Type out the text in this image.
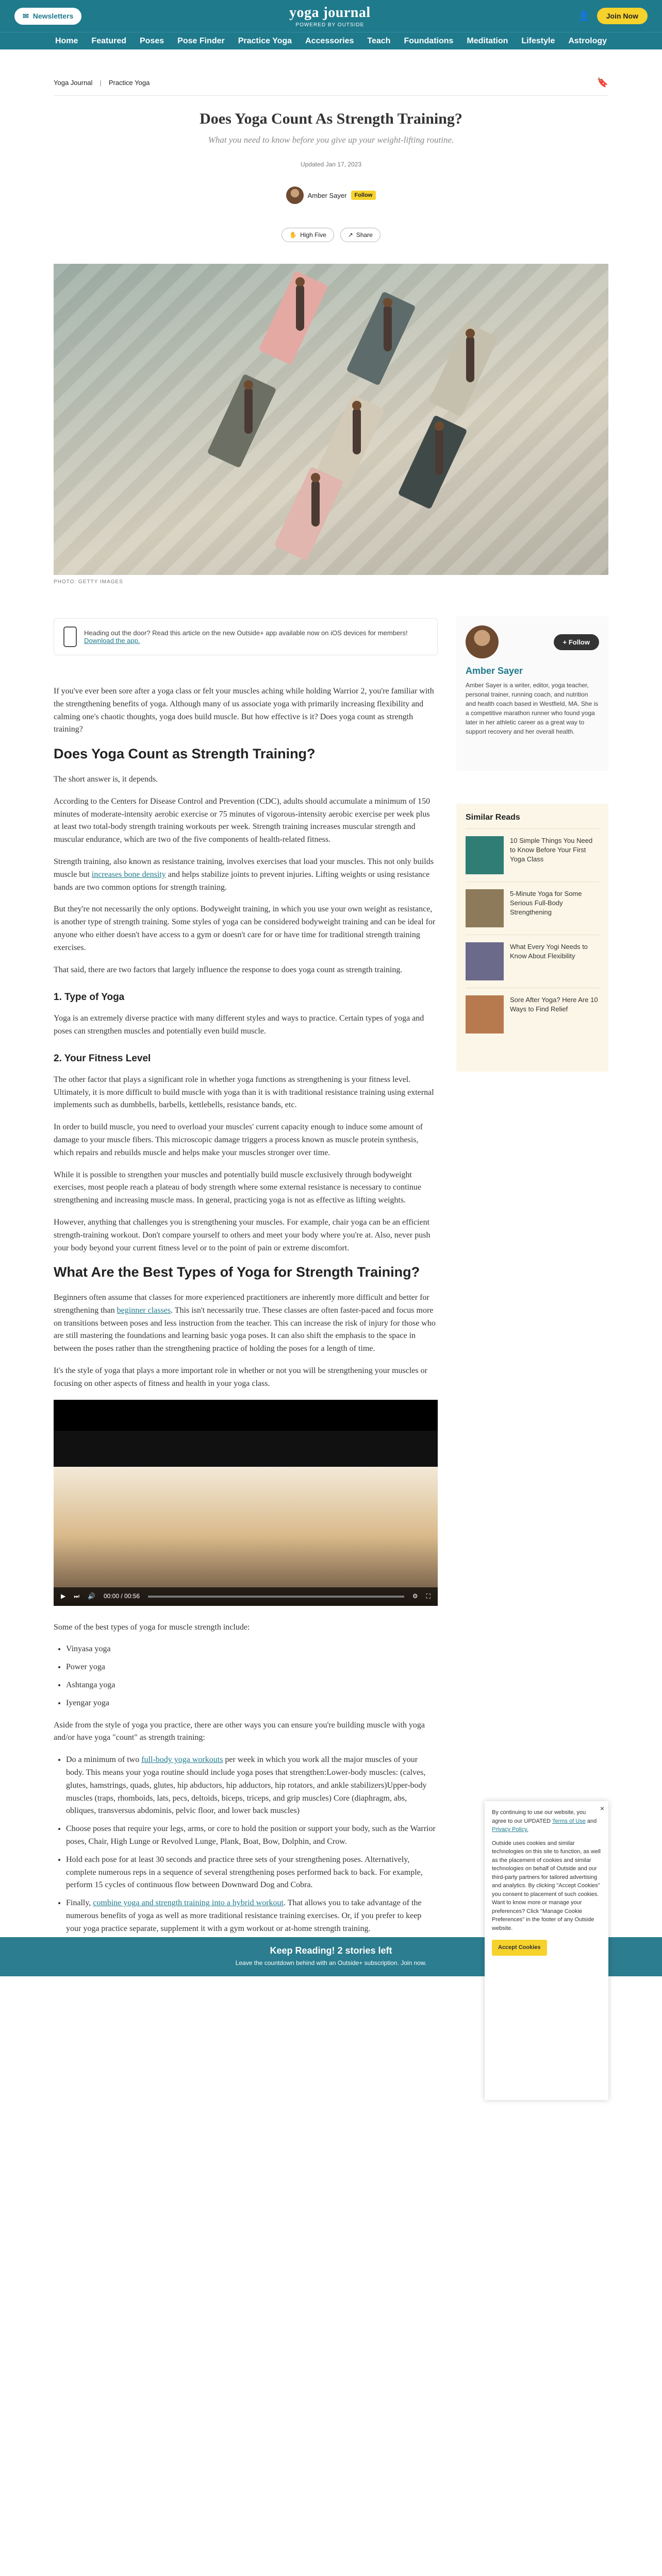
✉ Newsletters	yoga journal
POWERED BY OUTSIDE
👤	Join Now
Home Featured Poses Pose Finder Practice Yoga Accessories Teach Foundations Meditation Lifestyle Astrology
Yoga Journal | Practice Yoga	🔖
Does Yoga Count As Strength Training?
What you need to know before you give up your weight-lifting routine.
Updated Jan 17, 2023
Amber Sayer	Follow
✋ High Five	↗ Share
PHOTO: GETTY IMAGES
Heading out the door? Read this article on the new Outside+ app available now on iOS devices for members! Download the app.

If you've ever been sore after a yoga class or felt your muscles aching while holding Warrior 2, you're familiar with the strengthening benefits of yoga. Although many of us associate yoga with primarily increasing flexibility and calming one's chaotic thoughts, yoga does build muscle. But how effective is it? Does yoga count as strength training?

Does Yoga Count as Strength Training?

The short answer is, it depends.

According to the Centers for Disease Control and Prevention (CDC), adults should accumulate a minimum of 150 minutes of moderate-intensity aerobic exercise or 75 minutes of vigorous-intensity aerobic exercise per week plus at least two total-body strength training workouts per week. Strength training increases muscular strength and muscular endurance, which are two of the five components of health-related fitness.

Strength training, also known as resistance training, involves exercises that load your muscles. This not only builds muscle but increases bone density and helps stabilize joints to prevent injuries. Lifting weights or using resistance bands are two common options for strength training.

But they're not necessarily the only options. Bodyweight training, in which you use your own weight as resistance, is another type of strength training. Some styles of yoga can be considered bodyweight training and can be ideal for anyone who either doesn't have access to a gym or doesn't care for or have time for traditional strength training exercises.

That said, there are two factors that largely influence the response to does yoga count as strength training.

1. Type of Yoga

Yoga is an extremely diverse practice with many different styles and ways to practice. Certain types of yoga and poses can strengthen muscles and potentially even build muscle.

2. Your Fitness Level

The other factor that plays a significant role in whether yoga functions as strengthening is your fitness level. Ultimately, it is more difficult to build muscle with yoga than it is with traditional resistance training using external implements such as dumbbells, barbells, kettlebells, resistance bands, etc.

In order to build muscle, you need to overload your muscles' current capacity enough to induce some amount of damage to your muscle fibers. This microscopic damage triggers a process known as muscle protein synthesis, which repairs and rebuilds muscle and helps make your muscles stronger over time.

While it is possible to strengthen your muscles and potentially build muscle exclusively through bodyweight exercises, most people reach a plateau of body strength where some external resistance is necessary to continue strengthening and increasing muscle mass. In general, practicing yoga is not as effective as lifting weights.

However, anything that challenges you is strengthening your muscles. For example, chair yoga can be an efficient strength-training workout. Don't compare yourself to others and meet your body where you're at. Also, never push your body beyond your current fitness level or to the point of pain or extreme discomfort.

What Are the Best Types of Yoga for Strength Training?

Beginners often assume that classes for more experienced practitioners are inherently more difficult and better for strengthening than beginner classes. This isn't necessarily true. These classes are often faster-paced and focus more on transitions between poses and less instruction from the teacher. This can increase the risk of injury for those who are still mastering the foundations and learning basic yoga poses. It can also shift the emphasis to the space in between the poses rather than the strengthening practice of holding the poses for a length of time.

It's the style of yoga that plays a more important role in whether or not you will be strengthening your muscles or focusing on other aspects of fitness and health in your yoga class.

▶ ⏭ 🔊 00:00 / 00:56	⚙ ⛶

Some of the best types of yoga for muscle strength include:

• Vinyasa yoga
• Power yoga
• Ashtanga yoga
• Iyengar yoga

Aside from the style of yoga you practice, there are other ways you can ensure you're building muscle with yoga and/or have yoga "count" as strength training:

• Do a minimum of two full-body yoga workouts per week in which you work all the major muscles of your body. This means your yoga routine should include yoga poses that strengthen:Lower-body muscles: (calves, glutes, hamstrings, quads, glutes, hip abductors, hip adductors, hip rotators, and ankle stabilizers)Upper-body muscles (traps, rhomboids, lats, pecs, deltoids, biceps, triceps, and grip muscles) Core (diaphragm, abs, obliques, transversus abdominis, pelvic floor, and lower back muscles)
• Choose poses that require your legs, arms, or core to hold the position or support your body, such as the Warrior poses, Chair, High Lunge or Revolved Lunge, Plank, Boat, Bow, Dolphin, and Crow.
• Hold each pose for at least 30 seconds and practice three sets of your strengthening poses. Alternatively, complete numerous reps in a sequence of several strengthening poses performed back to back. For example, perform 15 cycles of continuous flow between Downward Dog and Cobra.
• Finally, combine yoga and strength training into a hybrid workout. That allows you to take advantage of the numerous benefits of yoga as well as more traditional resistance training exercises. Or, if you prefer to keep your yoga practice separate, supplement it with a gym workout or at-home strength training.
Keep Reading! 2 stories left
Leave the countdown behind with an Outside+ subscription. Join now.
+ Follow
Amber Sayer
Amber Sayer is a writer, editor, yoga teacher, personal trainer, running coach, and nutrition and health coach based in Westfield, MA. She is a competitive marathon runner who found yoga later in her athletic career as a great way to support recovery and her overall health.
Similar Reads
10 Simple Things You Need to Know Before Your First Yoga Class
5-Minute Yoga for Some Serious Full-Body Strengthening
What Every Yogi Needs to Know About Flexibility
Sore After Yoga? Here Are 10 Ways to Find Relief
×

By continuing to use our website, you agree to our UPDATED Terms of Use and Privacy Policy.

Outside uses cookies and similar technologies on this site to function, as well as the placement of cookies and similar technologies on behalf of Outside and our third-party partners for tailored advertising and analytics. By clicking "Accept Cookies" you consent to placement of such cookies. Want to know more or manage your preferences? Click "Manage Cookie Preferences" in the footer of any Outside website.

Accept Cookies
